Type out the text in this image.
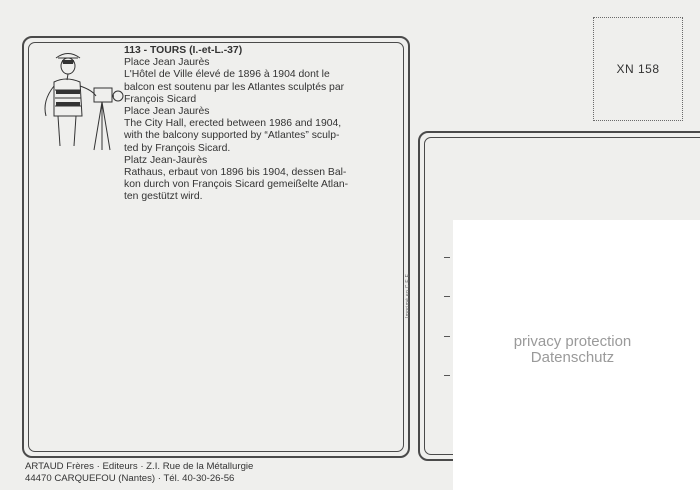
XN 158
113 - TOURS (I.-et-L.-37)
Place Jean Jaurès
L'Hôtel de Ville élevé de 1896 à 1904 dont le
balcon est soutenu par les Atlantes sculptés par
François Sicard
Place Jean Jaurès
The City Hall, erected between 1986 and 1904,
with the balcony supported by “Atlantes” sculp-
ted by François Sicard.
Platz Jean-Jaurès
Rathaus, erbaut von 1896 bis 1904, dessen Bal-
kon durch von François Sicard gemeißelte Atlan-
ten gestützt wird.
Imprimé en C.E.E.
privacy protection
Datenschutz
ARTAUD Frères · Editeurs · Z.I. Rue de la Métallurgie
44470 CARQUEFOU (Nantes) · Tél. 40-30-26-56
